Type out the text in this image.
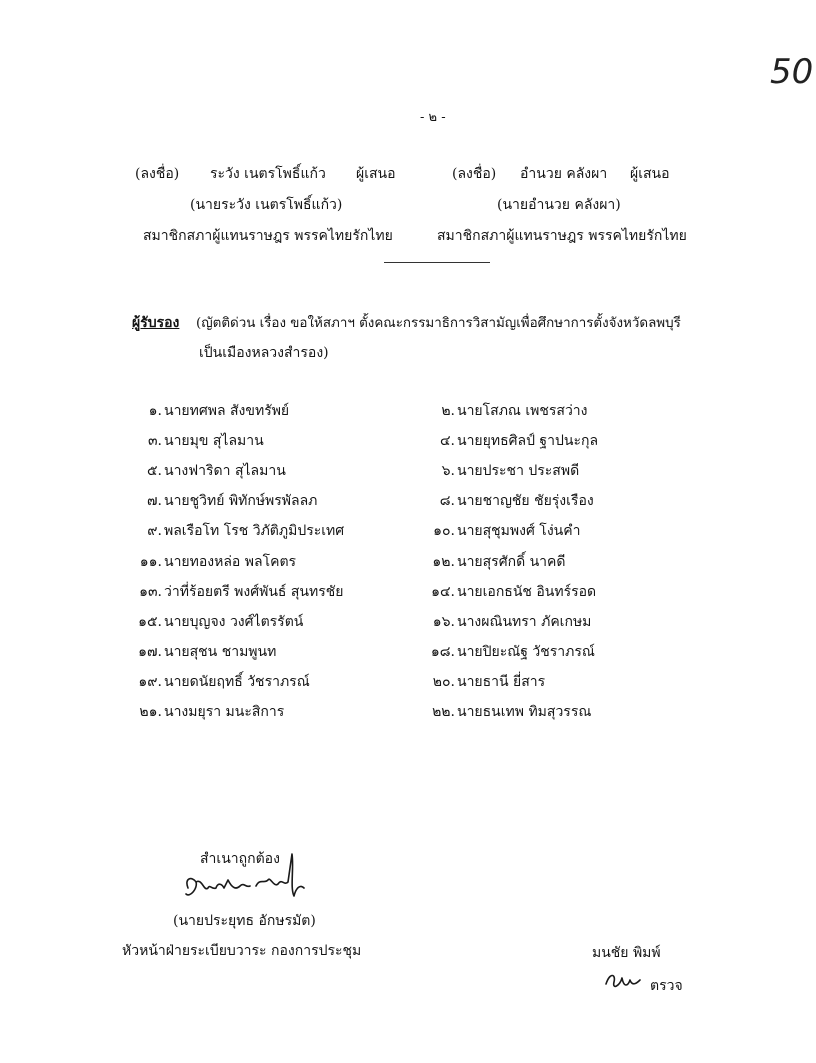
50
- ๒ -
(ลงชื่อ) ระวัง เนตรโพธิ์แก้ว ผู้เสนอ
(นายระวัง เนตรโพธิ์แก้ว)
สมาชิกสภาผู้แทนราษฎร พรรคไทยรักไทย
(ลงชื่อ) อำนวย คลังผา ผู้เสนอ
(นายอำนวย คลังผา)
สมาชิกสภาผู้แทนราษฎร พรรคไทยรักไทย
ผู้รับรอง (ญัตติด่วน เรื่อง ขอให้สภาฯ ตั้งคณะกรรมาธิการวิสามัญเพื่อศึกษาการตั้งจังหวัดลพบุรี
เป็นเมืองหลวงสำรอง)
๑. นายทศพล สังขทรัพย์
๓. นายมุข สุไลมาน
๕. นางฟาริดา สุไลมาน
๗. นายชูวิทย์ พิทักษ์พรพัลลภ
๙. พลเรือโท โรช วิภัติภูมิประเทศ
๑๑. นายทองหล่อ พลโคตร
๑๓. ว่าที่ร้อยตรี พงศ์พันธ์ สุนทรชัย
๑๕. นายบุญจง วงศ์ไตรรัตน์
๑๗. นายสุชน ชามพูนท
๑๙. นายดนัยฤทธิ์ วัชราภรณ์
๒๑. นางมยุรา มนะสิการ
๒. นายโสภณ เพชรสว่าง
๔. นายยุทธศิลป์ ฐาปนะกุล
๖. นายประชา ประสพดี
๘. นายชาญชัย ชัยรุ่งเรือง
๑๐. นายสุชุมพงศ์ โง่นคำ
๑๒. นายสุรศักดิ์ นาคดี
๑๔. นายเอกธนัช อินทร์รอด
๑๖. นางผณินทรา ภัคเกษม
๑๘. นายปิยะณัฐ วัชราภรณ์
๒๐. นายธานี ยี่สาร
๒๒. นายธนเทพ ทิมสุวรรณ
สำเนาถูกต้อง
(นายประยุทธ อักษรมัต)
หัวหน้าฝ่ายระเบียบวาระ กองการประชุม	มนชัย พิมพ์
ตรวจ
